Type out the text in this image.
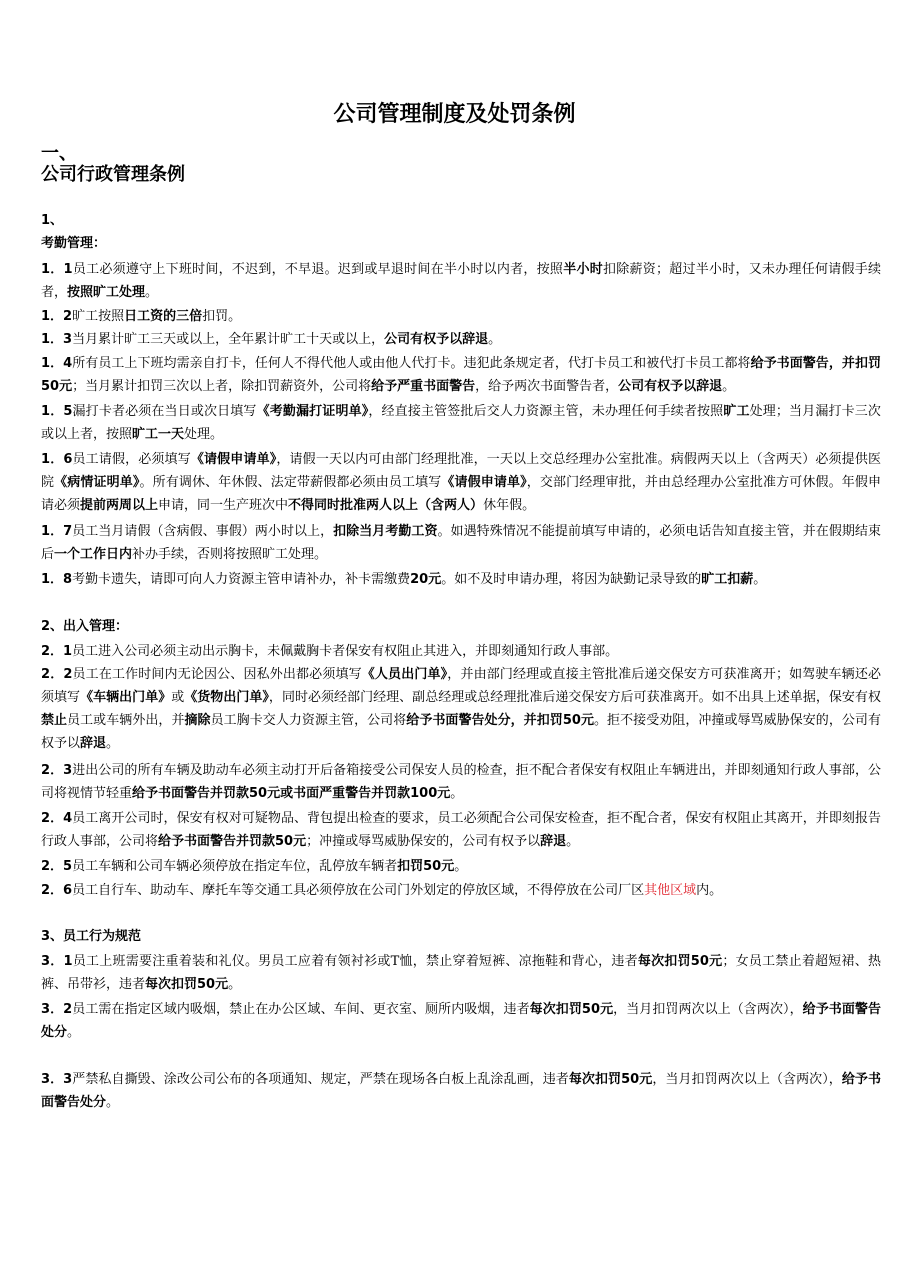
公司管理制度及处罚条例
一、
公司行政管理条例
1、
考勤管理：
1．1员工必须遵守上下班时间，不迟到，不早退。迟到或早退时间在半小时以内者，按照半小时扣除薪资；超过半小时，又未办理任何请假手续者，按照旷工处理。
1．2旷工按照日工资的三倍扣罚。
1．3当月累计旷工三天或以上，全年累计旷工十天或以上，公司有权予以辞退。
1．4所有员工上下班均需亲自打卡，任何人不得代他人或由他人代打卡。违犯此条规定者，代打卡员工和被代打卡员工都将给予书面警告，并扣罚50元；当月累计扣罚三次以上者，除扣罚薪资外，公司将给予严重书面警告，给予两次书面警告者，公司有权予以辞退。
1．5漏打卡者必须在当日或次日填写《考勤漏打证明单》，经直接主管签批后交人力资源主管，未办理任何手续者按照旷工处理；当月漏打卡三次或以上者，按照旷工一天处理。
1．6员工请假，必须填写《请假申请单》，请假一天以内可由部门经理批准，一天以上交总经理办公室批准。病假两天以上（含两天）必须提供医院《病情证明单》。所有调休、年休假、法定带薪假都必须由员工填写《请假申请单》，交部门经理审批，并由总经理办公室批准方可休假。年假申请必须提前两周以上申请，同一生产班次中不得同时批准两人以上（含两人）休年假。
1．7员工当月请假（含病假、事假）两小时以上，扣除当月考勤工资。如遇特殊情况不能提前填写申请的，必须电话告知直接主管，并在假期结束后一个工作日内补办手续，否则将按照旷工处理。
1．8考勤卡遗失，请即可向人力资源主管申请补办，补卡需缴费20元。如不及时申请办理，将因为缺勤记录导致的旷工扣薪。
2、出入管理：
2．1员工进入公司必须主动出示胸卡，未佩戴胸卡者保安有权阻止其进入，并即刻通知行政人事部。
2．2员工在工作时间内无论因公、因私外出都必须填写《人员出门单》，并由部门经理或直接主管批准后递交保安方可获准离开；如驾驶车辆还必须填写《车辆出门单》或《货物出门单》，同时必须经部门经理、副总经理或总经理批准后递交保安方后可获准离开。如不出具上述单据，保安有权禁止员工或车辆外出，并摘除员工胸卡交人力资源主管，公司将给予书面警告处分，并扣罚50元。拒不接受劝阻，冲撞或辱骂威胁保安的，公司有权予以辞退。
2．3进出公司的所有车辆及助动车必须主动打开后备箱接受公司保安人员的检查，拒不配合者保安有权阻止车辆进出，并即刻通知行政人事部，公司将视情节轻重给予书面警告并罚款50元或书面严重警告并罚款100元。
2．4员工离开公司时，保安有权对可疑物品、背包提出检查的要求，员工必须配合公司保安检查，拒不配合者，保安有权阻止其离开，并即刻报告行政人事部，公司将给予书面警告并罚款50元；冲撞或辱骂威胁保安的，公司有权予以辞退。
2．5员工车辆和公司车辆必须停放在指定车位，乱停放车辆者扣罚50元。
2．6员工自行车、助动车、摩托车等交通工具必须停放在公司门外划定的停放区域，不得停放在公司厂区其他区域内。
3、员工行为规范
3．1员工上班需要注重着装和礼仪。男员工应着有领衬衫或T恤，禁止穿着短裤、凉拖鞋和背心，违者每次扣罚50元；女员工禁止着超短裙、热裤、吊带衫，违者每次扣罚50元。
3．2员工需在指定区域内吸烟，禁止在办公区域、车间、更衣室、厕所内吸烟，违者每次扣罚50元，当月扣罚两次以上（含两次），给予书面警告处分。
3．3严禁私自撕毁、涂改公司公布的各项通知、规定，严禁在现场各白板上乱涂乱画，违者每次扣罚50元，当月扣罚两次以上（含两次），给予书面警告处分。
